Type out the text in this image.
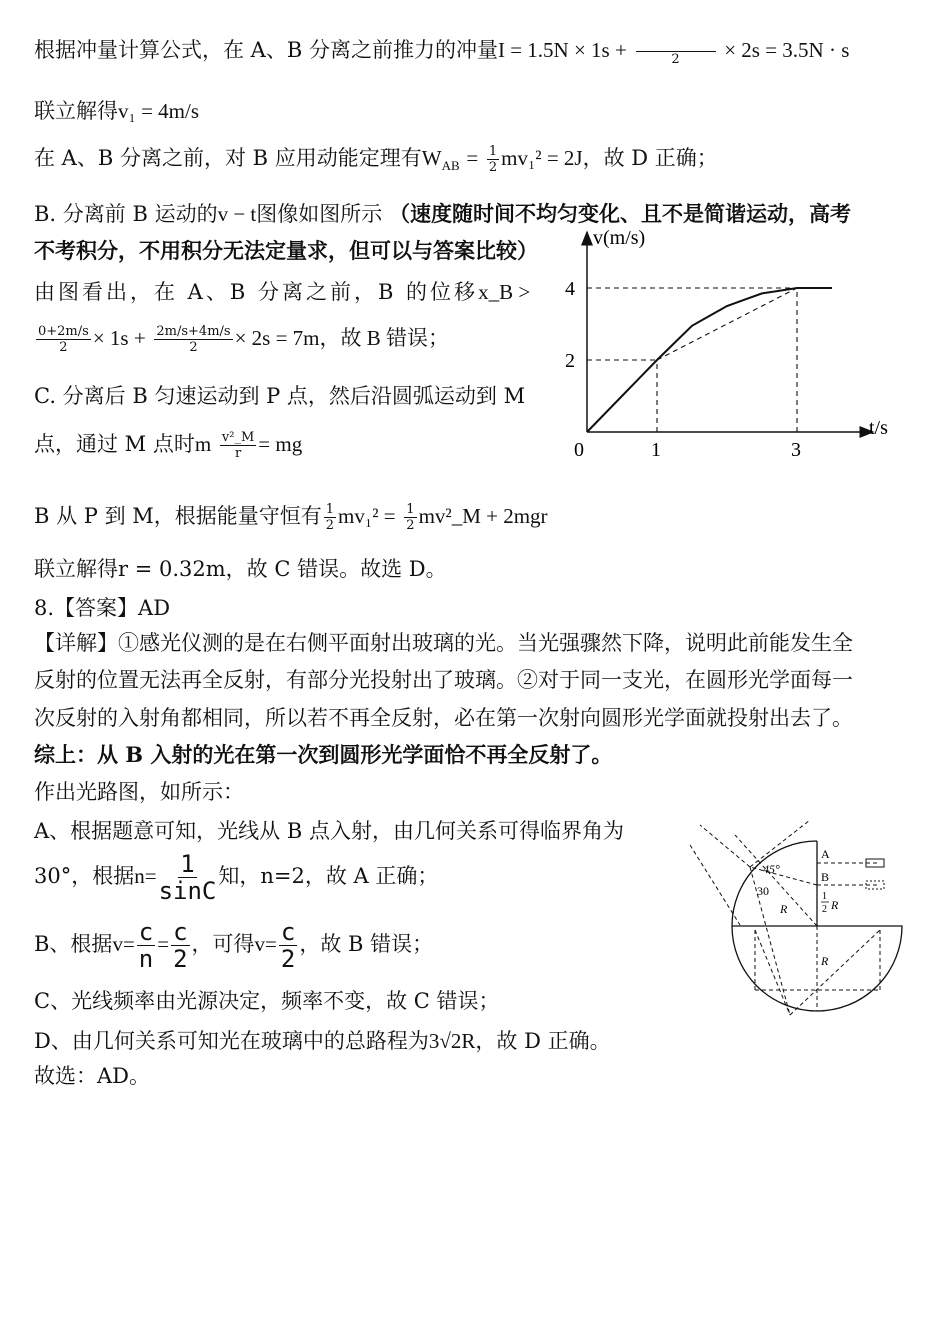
根据冲量计算公式，在 A、B 分离之前推力的冲量I = 1.5N × 1s +
	2 × 2s = 3.5N · s
联立解得v₁ = 4m/s
在 A、B 分离之前，对 B 应用动能定理有$W_{AB} = \frac{1}{2} mv_1^2 = 2J$，故 D 正确；
B. 分离前 B 运动的v − t图像如图所示 （速度随时间不均匀变化、且不是简谐运动，高考
不考积分，不用积分无法定量求，但可以与答案比较）
由图看出，在 A、B 分离之前，B 的位移x_B >
$\frac{0+2m/s}{2} \times 1s + \frac{2m/s+4m/s}{2} \times 2s = 7m$，故 B 错误；
C. 分离后 B 匀速运动到 P 点，然后沿圆弧运动到 M
点，通过 M 点时m $\frac{\text{v²\_M}}{r}$ = mg
B 从 P 到 M，根据能量守恒有 $\frac{1}{2} mv_1^2 = \frac{1}{2}$ mv²_M + 2mgr
联立解得r = 0.32m，故 C 错误。故选 D。
8.【答案】AD
【详解】①感光仪测的是在右侧平面射出玻璃的光。当光强骤然下降，说明此前能发生全
反射的位置无法再全反射，有部分光投射出了玻璃。②对于同一支光，在圆形光学面每一
次反射的入射角都相同，所以若不再全反射，必在第一次射向圆形光学面就投射出去了。
综上：从 B 入射的光在第一次到圆形光学面恰不再全反射了。
作出光路图，如所示：
A、根据题意可知，光线从 B 点入射，由几何关系可得临界角为
30°，根据$n= \frac{1}{\sin C}$ 知，n=2，故 A 正确；
B、根据$v= \frac{c}{n} = \frac{c}{2}$ ，可得$v= \frac{c}{2}$ ，故 B 错误；
C、光线频率由光源决定，频率不变，故 C 错误；
D、由几何关系可知光在玻璃中的总路程为3√2R，故 D 正确。
故选：AD。
v(m/s)
t/s
0	1	3
2
4
A
B
45°
30
R
1
2 R
R
